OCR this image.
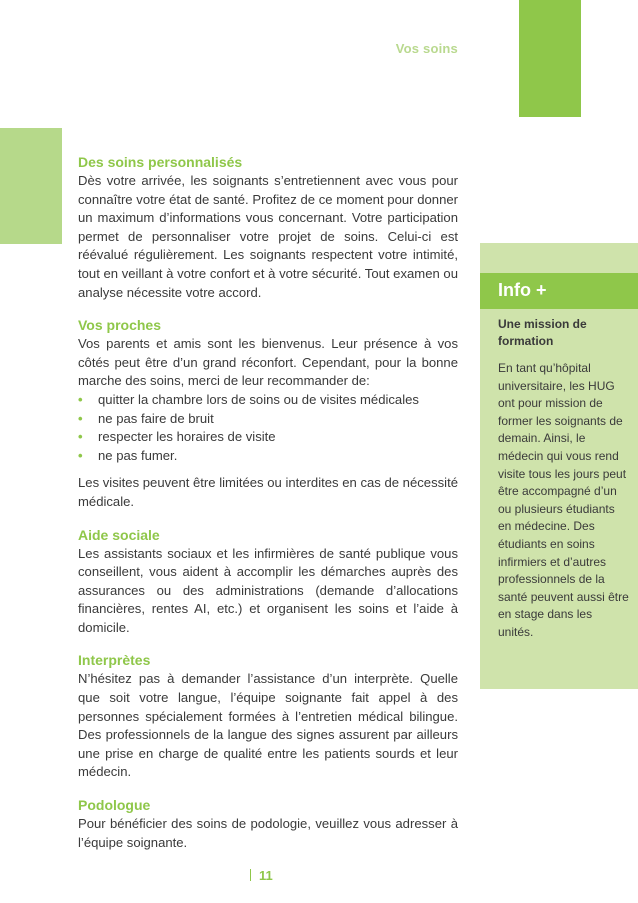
Vos soins
Des soins personnalisés

Dès votre arrivée, les soignants s’entretiennent avec vous pour connaître votre état de santé. Profitez de ce moment pour donner un maximum d’informations vous concernant. Votre participation permet de personnaliser votre projet de soins. Celui-ci est réévalué régulièrement. Les soignants respectent votre intimité, tout en veillant à votre confort et à votre sécurité. Tout examen ou analyse nécessite votre accord.

Vos proches

Vos parents et amis sont les bienvenus. Leur présence à vos côtés peut être d’un grand réconfort. Cependant, pour la bonne marche des soins, merci de leur recommander de:

• quitter la chambre lors de soins ou de visites médicales
• ne pas faire de bruit
• respecter les horaires de visite
• ne pas fumer.

Les visites peuvent être limitées ou interdites en cas de nécessité médicale.

Aide sociale

Les assistants sociaux et les infirmières de santé publique vous conseillent, vous aident à accomplir les démarches auprès des assurances ou des administrations (demande d’allocations financières, rentes AI, etc.) et organisent les soins et l’aide à domicile.

Interprètes

N’hésitez pas à demander l’assistance d’un interprète. Quelle que soit votre langue, l’équipe soignante fait appel à des personnes spécialement formées à l’entretien médical bilingue. Des professionnels de la langue des signes assurent par ailleurs une prise en charge de qualité entre les patients sourds et leur médecin.

Podologue

Pour bénéficier des soins de podologie, veuillez vous adresser à l’équipe soignante.

Info +
Une mission de formation
En tant qu’hôpital universitaire, les HUG ont pour mission de former les soignants de demain. Ainsi, le médecin qui vous rend visite tous les jours peut être accompagné d’un ou plusieurs étudiants en médecine. Des étudiants en soins infirmiers et d’autres professionnels de la santé peuvent aussi être en stage dans les unités.
11
